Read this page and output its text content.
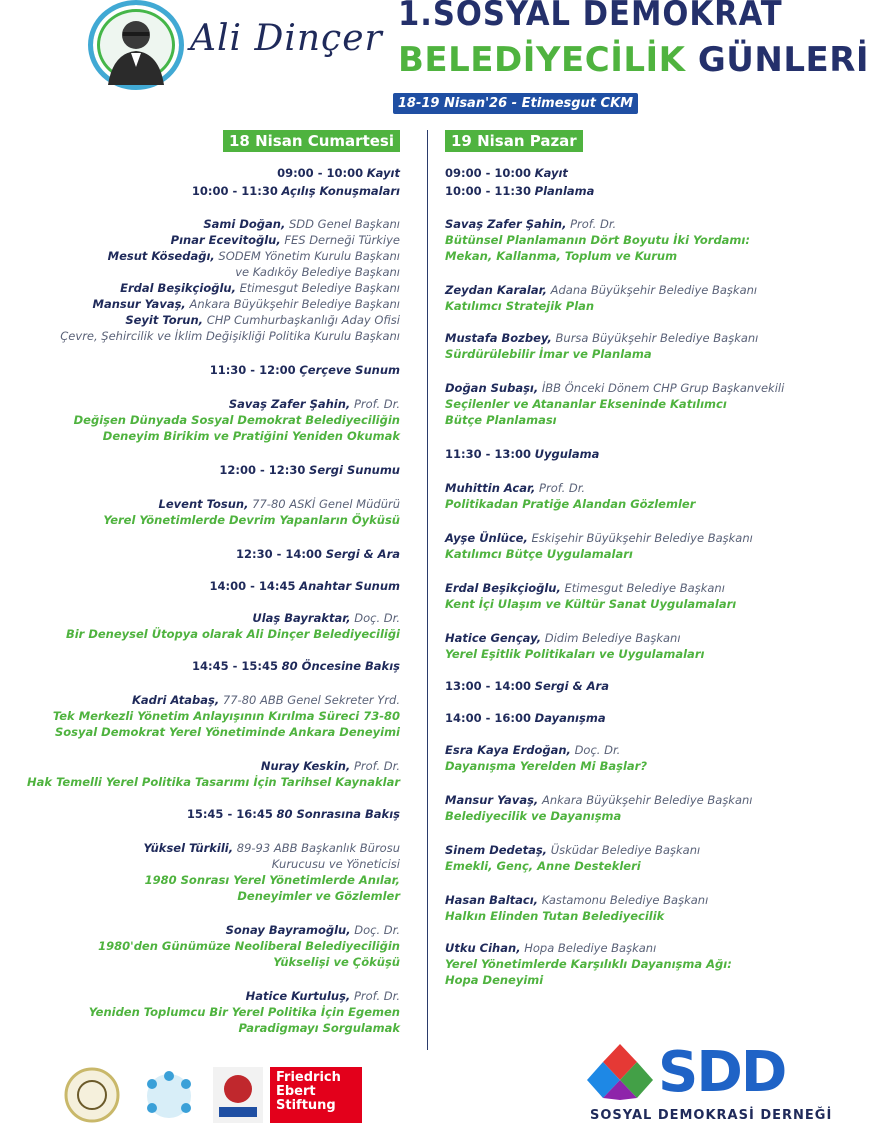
Ali Dinçer
1.SOSYAL DEMOKRAT
BELEDİYECİLİK GÜNLERİ
18-19 Nisan'26 - Etimesgut CKM
18 Nisan Cumartesi
09:00 - 10:00 Kayıt
10:00 - 11:30 Açılış Konuşmaları
Sami Doğan, SDD Genel Başkanı
Pınar Ecevitoğlu, FES Derneği Türkiye
Mesut Kösedağı, SODEM Yönetim Kurulu Başkanı
ve Kadıköy Belediye Başkanı
Erdal Beşikçioğlu, Etimesgut Belediye Başkanı
Mansur Yavaş, Ankara Büyükşehir Belediye Başkanı
Seyit Torun, CHP Cumhurbaşkanlığı Aday Ofisi
Çevre, Şehircilik ve İklim Değişikliği Politika Kurulu Başkanı
11:30 - 12:00 Çerçeve Sunum
Savaş Zafer Şahin, Prof. Dr.
Değişen Dünyada Sosyal Demokrat Belediyeciliğin
Deneyim Birikim ve Pratiğini Yeniden Okumak
12:00 - 12:30 Sergi Sunumu
Levent Tosun, 77-80 ASKİ Genel Müdürü
Yerel Yönetimlerde Devrim Yapanların Öyküsü
12:30 - 14:00 Sergi & Ara
14:00 - 14:45 Anahtar Sunum
Ulaş Bayraktar, Doç. Dr.
Bir Deneysel Ütopya olarak Ali Dinçer Belediyeciliği
14:45 - 15:45 80 Öncesine Bakış
Kadri Atabaş, 77-80 ABB Genel Sekreter Yrd.
Tek Merkezli Yönetim Anlayışının Kırılma Süreci 73-80
Sosyal Demokrat Yerel Yönetiminde Ankara Deneyimi
Nuray Keskin, Prof. Dr.
Hak Temelli Yerel Politika Tasarımı İçin Tarihsel Kaynaklar
15:45 - 16:45 80 Sonrasına Bakış
Yüksel Türkili, 89-93 ABB Başkanlık Bürosu
Kurucusu ve Yöneticisi
1980 Sonrası Yerel Yönetimlerde Anılar,
Deneyimler ve Gözlemler
Sonay Bayramoğlu, Doç. Dr.
1980'den Günümüze Neoliberal Belediyeciliğin
Yükselişi ve Çöküşü
Hatice Kurtuluş, Prof. Dr.
Yeniden Toplumcu Bir Yerel Politika İçin Egemen
Paradigmayı Sorgulamak
19 Nisan Pazar
09:00 - 10:00 Kayıt
10:00 - 11:30 Planlama
Savaş Zafer Şahin, Prof. Dr.
Bütünsel Planlamanın Dört Boyutu İki Yordamı:
Mekan, Kallanma, Toplum ve Kurum
Zeydan Karalar, Adana Büyükşehir Belediye Başkanı
Katılımcı Stratejik Plan
Mustafa Bozbey, Bursa Büyükşehir Belediye Başkanı
Sürdürülebilir İmar ve Planlama
Doğan Subaşı, İBB Önceki Dönem CHP Grup Başkanvekili
Seçilenler ve Atananlar Ekseninde Katılımcı
Bütçe Planlaması
11:30 - 13:00 Uygulama
Muhittin Acar, Prof. Dr.
Politikadan Pratiğe Alandan Gözlemler
Ayşe Ünlüce, Eskişehir Büyükşehir Belediye Başkanı
Katılımcı Bütçe Uygulamaları
Erdal Beşikçioğlu, Etimesgut Belediye Başkanı
Kent İçi Ulaşım ve Kültür Sanat Uygulamaları
Hatice Gençay, Didim Belediye Başkanı
Yerel Eşitlik Politikaları ve Uygulamaları
13:00 - 14:00 Sergi & Ara
14:00 - 16:00 Dayanışma
Esra Kaya Erdoğan, Doç. Dr.
Dayanışma Yerelden Mi Başlar?
Mansur Yavaş, Ankara Büyükşehir Belediye Başkanı
Belediyecilik ve Dayanışma
Sinem Dedetaş, Üsküdar Belediye Başkanı
Emekli, Genç, Anne Destekleri
Hasan Baltacı, Kastamonu Belediye Başkanı
Halkın Elinden Tutan Belediyecilik
Utku Cihan, Hopa Belediye Başkanı
Yerel Yönetimlerde Karşılıklı Dayanışma Ağı:
Hopa Deneyimi
Friedrich Ebert Stiftung
SDD
SOSYAL DEMOKRASİ DERNEĞİ
